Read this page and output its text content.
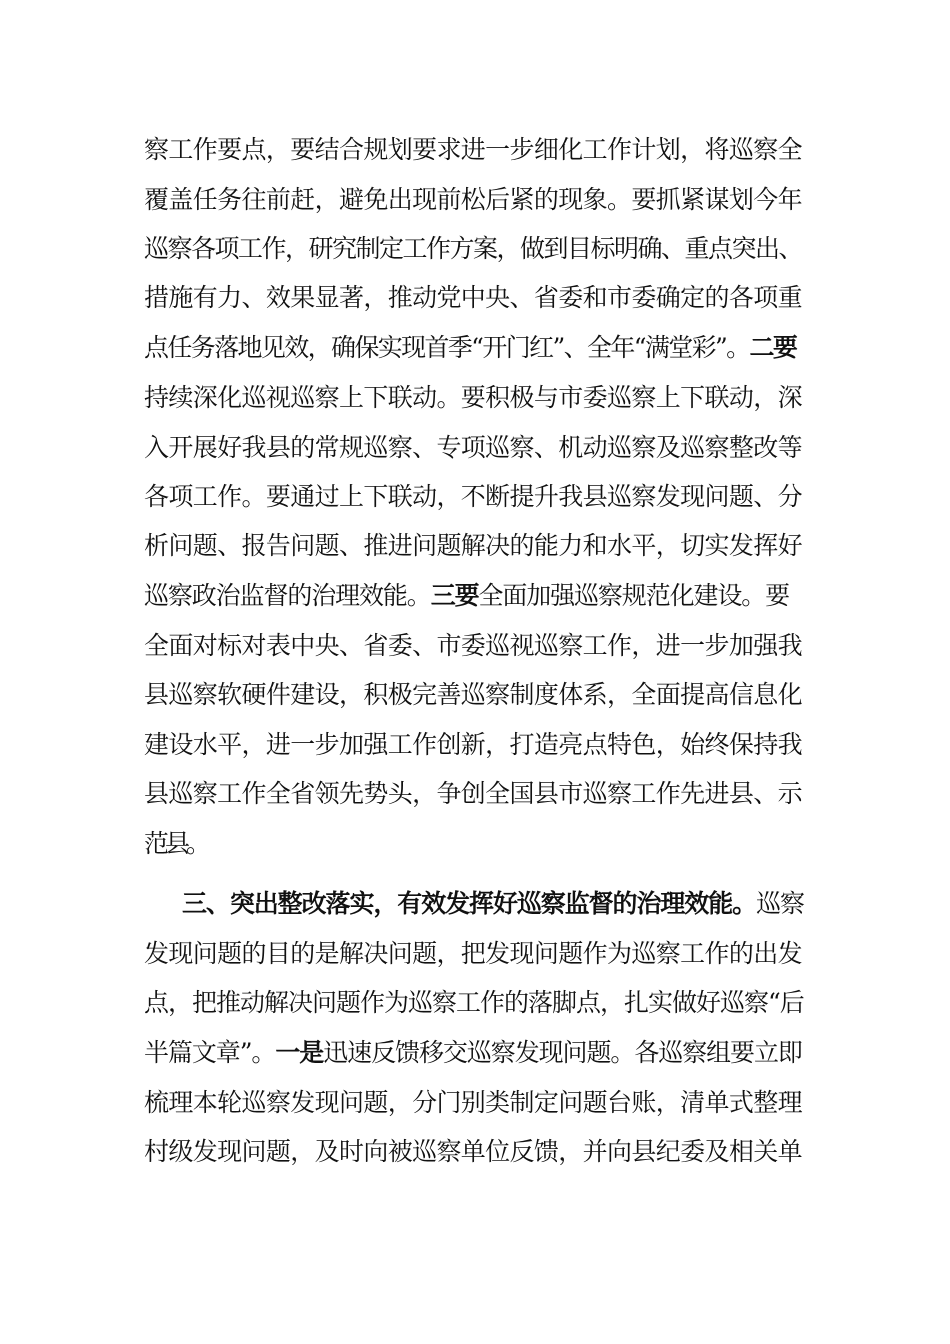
察工作要点，要结合规划要求进一步细化工作计划，将巡察全
覆盖任务往前赶，避免出现前松后紧的现象。要抓紧谋划今年
巡察各项工作，研究制定工作方案，做到目标明确、重点突出、
措施有力、效果显著，推动党中央、省委和市委确定的各项重
点任务落地见效，确保实现首季“开门红”、全年“满堂彩”。二要
持续深化巡视巡察上下联动。要积极与市委巡察上下联动，深
入开展好我县的常规巡察、专项巡察、机动巡察及巡察整改等
各项工作。要通过上下联动，不断提升我县巡察发现问题、分
析问题、报告问题、推进问题解决的能力和水平，切实发挥好
巡察政治监督的治理效能。三要全面加强巡察规范化建设。要
全面对标对表中央、省委、市委巡视巡察工作，进一步加强我
县巡察软硬件建设，积极完善巡察制度体系，全面提高信息化
建设水平，进一步加强工作创新，打造亮点特色，始终保持我
县巡察工作全省领先势头，争创全国县市巡察工作先进县、示
范县。
三、突出整改落实，有效发挥好巡察监督的治理效能。巡察
发现问题的目的是解决问题，把发现问题作为巡察工作的出发
点，把推动解决问题作为巡察工作的落脚点，扎实做好巡察“后
半篇文章”。一是迅速反馈移交巡察发现问题。各巡察组要立即
梳理本轮巡察发现问题，分门别类制定问题台账，清单式整理
村级发现问题，及时向被巡察单位反馈，并向县纪委及相关单
